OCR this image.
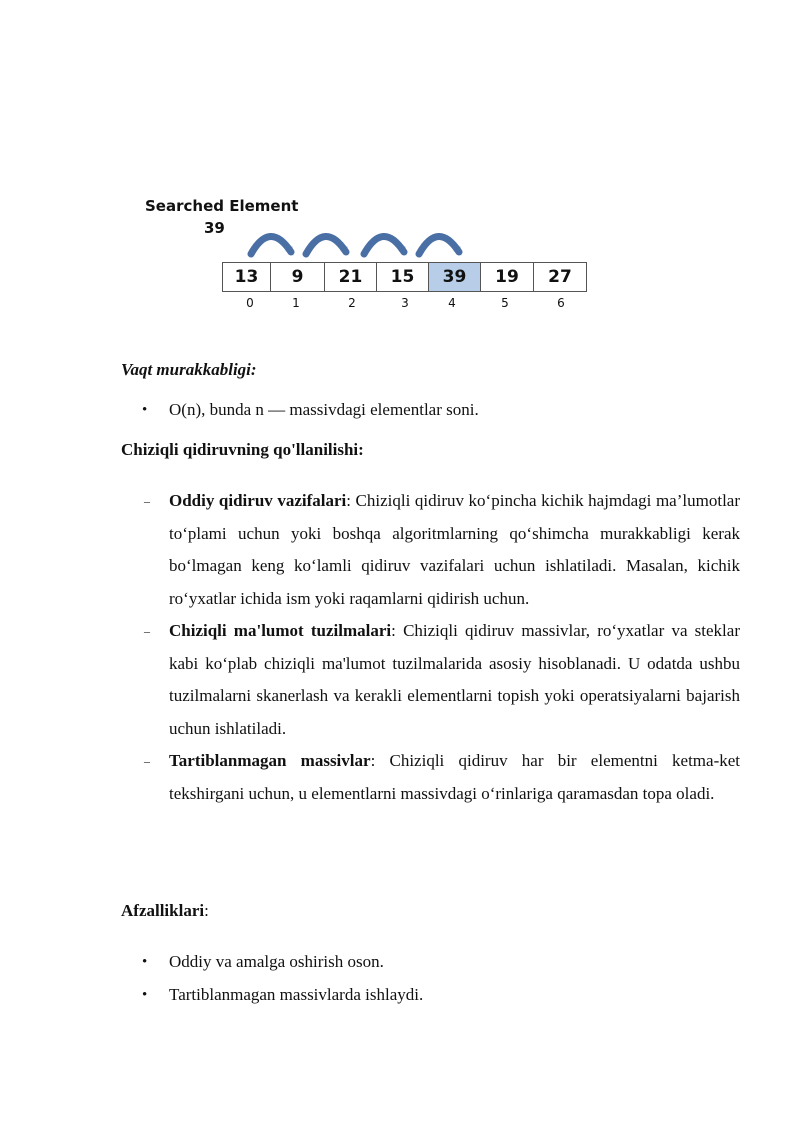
Searched Element
39
13	9	21	15	39	19	27
0	1	2	3	4	5	6
Vaqt murakkabligi:
• O(n), bunda n — massivdagi elementlar soni.
Chiziqli qidiruvning qo'llanilishi:
– Oddiy qidiruv vazifalari: Chiziqli qidiruv ko‘pincha kichik hajmdagi ma’lumotlar to‘plami uchun yoki boshqa algoritmlarning qo‘shimcha murakkabligi kerak bo‘lmagan keng ko‘lamli qidiruv vazifalari uchun ishlatiladi. Masalan, kichik ro‘yxatlar ichida ism yoki raqamlarni qidirish uchun.
– Chiziqli ma'lumot tuzilmalari: Chiziqli qidiruv massivlar, ro‘yxatlar va steklar kabi ko‘plab chiziqli ma'lumot tuzilmalarida asosiy hisoblanadi. U odatda ushbu tuzilmalarni skanerlash va kerakli elementlarni topish yoki operatsiyalarni bajarish uchun ishlatiladi.
– Tartiblanmagan massivlar: Chiziqli qidiruv har bir elementni ketma-ket tekshirgani uchun, u elementlarni massivdagi o‘rinlariga qaramasdan topa oladi.
Afzalliklari:
• Oddiy va amalga oshirish oson.
• Tartiblanmagan massivlarda ishlaydi.
